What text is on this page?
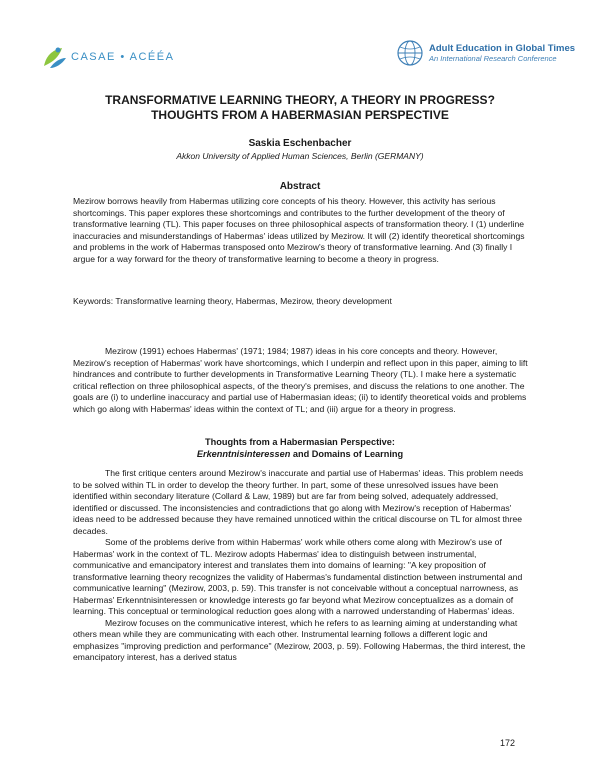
CASAE • ACÉÉA
Adult Education in Global Times
An International Research Conference
TRANSFORMATIVE LEARNING THEORY, A THEORY IN PROGRESS?
THOUGHTS FROM A HABERMASIAN PERSPECTIVE
Saskia Eschenbacher
Akkon University of Applied Human Sciences, Berlin (GERMANY)
Abstract

Mezirow borrows heavily from Habermas utilizing core concepts of his theory. However, this activity has serious shortcomings. This paper explores these shortcomings and contributes to the further development of the theory of transformative learning (TL). This paper focuses on three philosophical aspects of transformation theory. I (1) underline inaccuracies and misunderstandings of Habermas' ideas utilized by Mezirow. It will (2) identify theoretical shortcomings and problems in the work of Habermas transposed onto Mezirow's theory of transformative learning. And (3) finally I argue for a way forward for the theory of transformative learning to become a theory in progress.

Keywords: Transformative learning theory, Habermas, Mezirow, theory development

Mezirow (1991) echoes Habermas' (1971; 1984; 1987) ideas in his core concepts and theory. However, Mezirow's reception of Habermas' work have shortcomings, which I underpin and reflect upon in this paper, aiming to lift hindrances and contribute to further developments in Transformative Learning Theory (TL). I make here a systematic critical reflection on three philosophical aspects, of the theory's premises, and discuss the relations to one another. The goals are (i) to underline inaccuracy and partial use of Habermasian ideas; (ii) to identify theoretical voids and problems which go along with Habermas' ideas within the context of TL; and (iii) argue for a theory in progress.

Thoughts from a Habermasian Perspective:
Erkenntnisinteressen and Domains of Learning

The first critique centers around Mezirow's inaccurate and partial use of Habermas' ideas. This problem needs to be solved within TL in order to develop the theory further. In part, some of these unresolved issues have been identified within secondary literature (Collard & Law, 1989) but are far from being solved, adequately addressed, identified or discussed. The inconsistencies and contradictions that go along with Mezirow's reception of Habermas' ideas need to be addressed because they have remained unnoticed within the critical discourse on TL for almost three decades.

Some of the problems derive from within Habermas' work while others come along with Mezirow's use of Habermas' work in the context of TL. Mezirow adopts Habermas' idea to distinguish between instrumental, communicative and emancipatory interest and translates them into domains of learning: "A key proposition of transformative learning theory recognizes the validity of Habermas's fundamental distinction between instrumental and communicative learning" (Mezirow, 2003, p. 59). This transfer is not conceivable without a conceptual narrowness, as Habermas' Erkenntnisinteressen or knowledge interests go far beyond what Mezirow conceptualizes as a domain of learning. This conceptual or terminological reduction goes along with a narrowed understanding of Habermas' ideas.

Mezirow focuses on the communicative interest, which he refers to as learning aiming at understanding what others mean while they are communicating with each other. Instrumental learning follows a different logic and emphasizes "improving prediction and performance" (Mezirow, 2003, p. 59). Following Habermas, the third interest, the emancipatory interest, has a derived status

172
